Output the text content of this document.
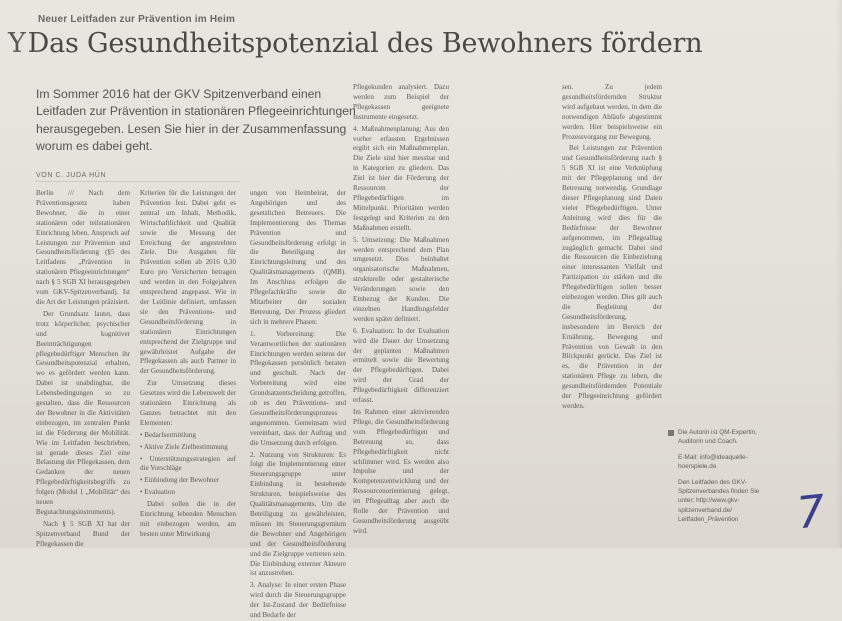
Neuer Leitfaden zur Prävention im Heim
YDas Gesundheitspotenzial des Bewohners fördern

Im Sommer 2016 hat der GKV Spitzenverband einen Leitfaden zur Prävention in stationären Pflegeeinrichtungen herausgegeben. Lesen Sie hier in der Zusammenfassung worum es dabei geht.

VON C. JUDA HÜN

Berlin /// Nach dem Präventionsgesetz haben Bewohner, die in einer stationären oder teilstationären Einrichtung leben, Anspruch auf Leistungen zur Prävention und Gesundheitsförderung (§5 des Leitfadens „Prävention in stationären Pflegeeinrichtungen“ nach § 5 SGB XI herausgegeben vom GKV-Spitzenverband). Ist die Art der Leistungen präzisiert.

Der Grundsatz lautet, dass trotz körperlicher, psychischer und kognitiver Beeinträchtigungen pflegebedürftiger Menschen ihr Gesundheitspotenzial erhalten, wo es gefördert werden kann. Dabei ist unabdingbar, die Lebensbedingungen so zu gestalten, dass die Ressourcen der Bewohner in die Aktivitäten einbezogen, im zentralen Punkt ist die Förderung der Mobilität. Wie im Leitfaden beschrieben, ist gerade dieses Ziel eine Belastung der Pflegekassen, dem Gedanken der neuen Pflegebedürftigkeitsbegriffs zu folgen (Modul 1 „Mobilität“ des neuen Begutachtungsinstruments).

Nach § 5 SGB XI hat der Spitzenverband Bund der Pflegekassen die

Kriterien für die Leistungen der Prävention fest. Dabei geht es zentral um Inhalt, Methodik, Wirtschaftlichkeit und Qualität sowie die Messung der Erreichung der angestrebten Ziele. Die Ausgaben für Prävention sollen ab 2016 0,30 Euro pro Versicherten betragen und werden in den Folgejahren entsprechend angepasst. Wie in der Leitlinie definiert, umfassen sie den Präventions- und Gesundheitsförderung in stationären Einrichtungen entsprechend der Zielgruppe und gewährleistet Aufgabe der Pflegekassen als auch Partner in der Gesundheitsförderung.

Zur Umsetzung dieses Gesetzes wird die Lebenswelt der stationären Einrichtung als Ganzes betrachtet mit den Elementen:

• Bedarfsermittlung

• Aktive Ziele Zielbestimmung

• Unterstützungsstrategien auf die Vorschläge

• Einbindung der Bewohner

• Evaluation

Dabei sollen die in der Einrichtung lebenden Menschen mit einbezogen werden, am besten unter Mitwirkung

ungen von Heimbeirat, der Angehörigen und des gesetzlichen Betreuers. Die Implementierung des Themas Prävention und Gesundheitsförderung erfolgt in die Beteiligung der Einrichtungsleitung und des Qualitätsmanagements (QMB). Im Anschluss erfolgen die Pflegefachkräfte sowie die Mitarbeiter der sozialen Betreuung. Der Prozess gliedert sich in mehrere Phasen:

1. Vorbereitung: Die Verantwortlichen der stationären Einrichtungen werden seitens der Pflegekassen persönlich beraten und geschult. Nach der Vorbereitung wird eine Grundsatzentscheidung getroffen, ob es den Präventions- und Gesundheitsförderungsprozess angenommen. Gemeinsam wird vereinbart, dass der Auftrag und die Umsetzung durch erfolgen.

2. Nutzung von Strukturen: Es folgt die Implementierung einer Steuerungsgruppe unter Einbindung in bestehende Strukturen, beispielsweise des Qualitätsmanagements. Um die Beteiligung zu gewährleisten, müssen im Steuerungsgremium die Bewohner und Angehörigen und der Gesundheitsförderung und die Zielgruppe vertreten sein. Die Einbindung externer Akteure ist anzustreben.

3. Analyse: In einer ersten Phase wird durch die Steuerungsgruppe der Ist-Zustand der Bedürfnisse und Bedarfe der

Pflegekunden analysiert. Dazu werden zum Beispiel der Pflegekassen geeignete Instrumente eingesetzt.

4. Maßnahmenplanung: Aus den vorher erfassten Ergebnissen ergibt sich ein Maßnahmenplan. Die Ziele sind hier messbar und in Kategorien zu gliedern. Das Ziel ist hier die Förderung der Ressourcen der Pflegebedürftigen im Mittelpunkt. Prioritäten werden festgelegt und Kriterien zu den Maßnahmen erstellt.

5. Umsetzung: Die Maßnahmen werden entsprechend dem Plan umgesetzt. Dies beinhaltet organisatorische Maßnahmen, strukturelle oder gestalterische Veränderungen sowie den Einbezug der Kunden. Die einzelnen Handlungsfelder werden später definiert.

6. Evaluation: In der Evaluation wird die Dauer der Umsetzung der geplanten Maßnahmen ermittelt sowie die Bewertung der Pflegebedürftigen. Dabei wird der Grad der Pflegebedürftigkeit differenziert erfasst.

Im Rahmen einer aktivierenden Pflege, die Gesundheitsförderung vom Pflegebedürftigen und Betreuung so, dass Pflegebedürftigkeit nicht schlimmer wird. Es werden also Impulse und der Kompetenzentwicklung und der Ressourcenorientierung gelegt, im Pflegealltag aber auch die Rolle der Prävention und Gesundheitsförderung ausgeübt wird.

sen. Zu jedem gesundheitsfördernden Struktur wird aufgebaut werden, in dem die notwendigen Abläufe abgestimmt werden. Hier beispielsweise ein Prozessvorgang zur Bewegung.

Bei Leistungen zur Prävention und Gesundheitsförderung nach § 5 SGB XI ist eine Verknüpfung mit der Pflegeplanung und der Betreuung notwendig. Grundlage dieser Pflegeplanung sind Daten vieler Pflegebedürftigen. Unter Anleitung wird dies für die Bedürfnisse der Bewohner aufgenommen, im Pflegealltag zugänglich gemacht. Dabei sind die Ressourcen die Einbeziehung einer interessanten Vielfalt und Partizipation zu stärken und die Pflegebedürftigen sollen besser einbezogen werden. Dies gilt auch die Begleitung der Gesundheitsförderung, insbesondere im Bereich der Ernährung, Bewegung und Prävention von Gewalt in den Blickpunkt gerückt. Das Ziel ist es, die Prävention in der stationären Pflege zu leben, die gesundheitsfördernden Potentiale der Pflegeeinrichtung gefördert werden.

Die Autorin ist QM-Expertin, Auditorin und Coach.

E-Mail: info@ideaquelle-hoerspiele.de

Den Leitfaden des GKV-Spitzenverbandes finden Sie unter: http://www.gkv-spitzenverband.de/ Leitfaden_Prävention	7
